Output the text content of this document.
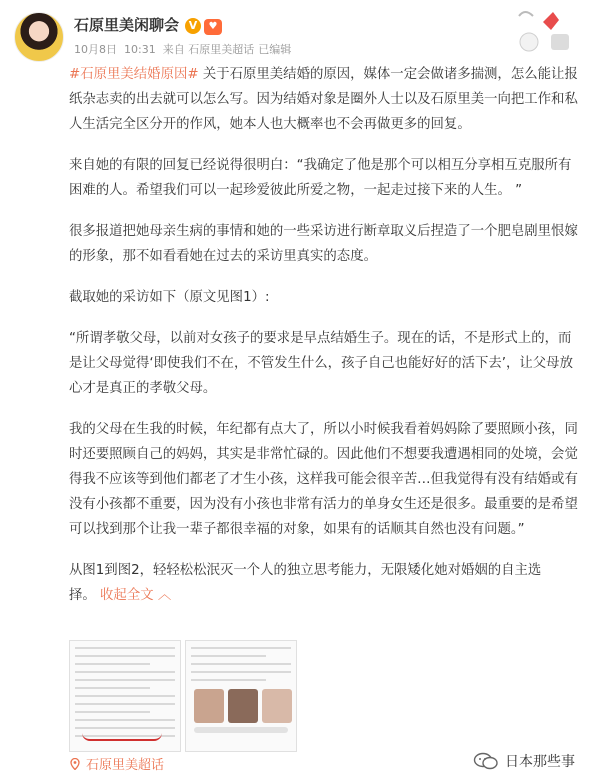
石原里美闲聊会 V ♥
10月8日 10:31 来自 石原里美超话 已编辑

#石原里美结婚原因# 关于石原里美结婚的原因，媒体一定会做诸多揣测，怎么能让报纸杂志卖的出去就可以怎么写。因为结婚对象是圈外人士以及石原里美一向把工作和私人生活完全区分开的作风，她本人也大概率也不会再做更多的回复。

来自她的有限的回复已经说得很明白：“我确定了他是那个可以相互分享相互克服所有困难的人。希望我们可以一起珍爱彼此所爱之物，一起走过接下来的人生。 ”

很多报道把她母亲生病的事情和她的一些采访进行断章取义后捏造了一个肥皂剧里恨嫁的形象，那不如看看她在过去的采访里真实的态度。

截取她的采访如下（原文见图1）:

“所谓孝敬父母，以前对女孩子的要求是早点结婚生子。现在的话，不是形式上的，而是让父母觉得‘即使我们不在，不管发生什么，孩子自己也能好好的活下去’，让父母放心才是真正的孝敬父母。

我的父母在生我的时候，年纪都有点大了，所以小时候我看着妈妈除了要照顾小孩，同时还要照顾自己的妈妈，其实是非常忙碌的。因此他们不想要我遭遇相同的处境，会觉得我不应该等到他们都老了才生小孩，这样我可能会很辛苦…但我觉得有没有结婚或有没有小孩都不重要，因为没有小孩也非常有活力的单身女生还是很多。最重要的是希望可以找到那个让我一辈子都很幸福的对象，如果有的话顺其自然也没有问题。”

从图1到图2，轻轻松松泯灭一个人的独立思考能力，无限矮化她对婚姻的自主选择。 收起全文 ︿

石原里美超话	日本那些事
